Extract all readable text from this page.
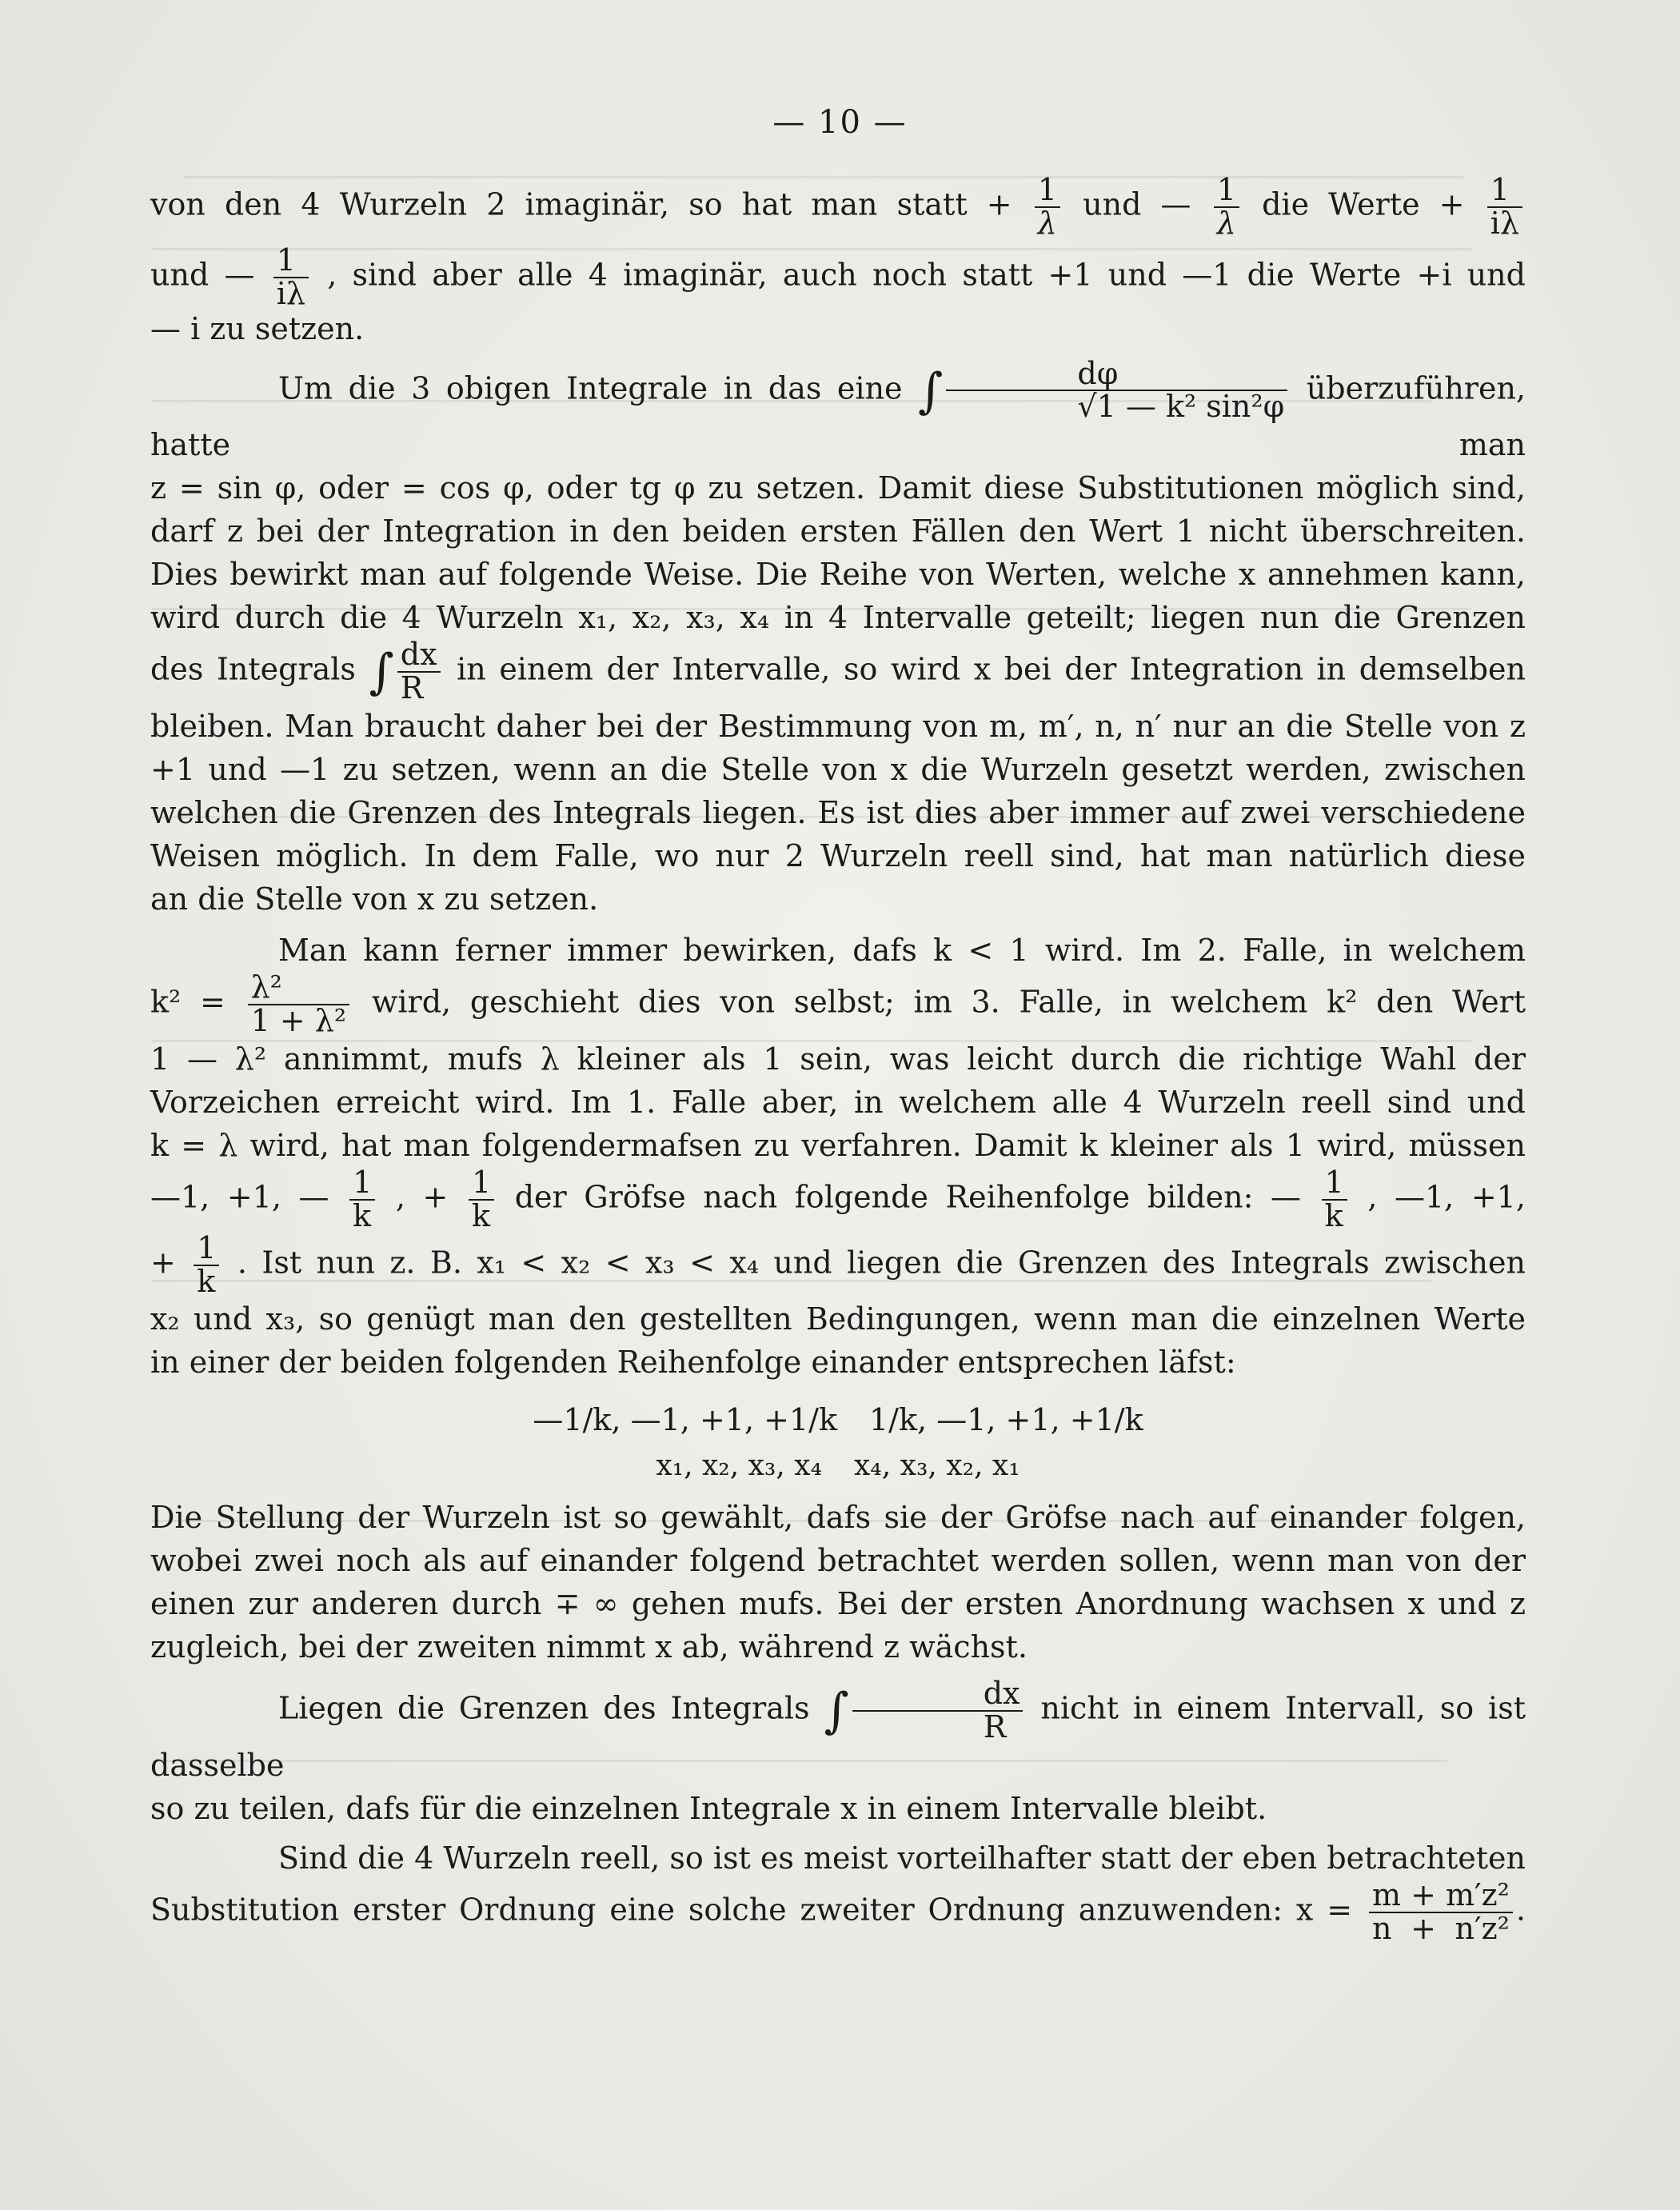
— 10 —

von den 4 Wurzeln 2 imaginär, so hat man statt + $\frac{1}{\lambda}$ und — $\frac{1}{\lambda}$ die Werte + $\frac{1}{i\lambda}$

und — $\frac{1}{i\lambda}$ , sind aber alle 4 imaginär, auch noch statt +1 und —1 die Werte +i und

— i zu setzen.

Um die 3 obigen Integrale in das eine ∫ $\frac{d\varphi}{\text{√1 — k² sin²φ}}$ überzuführen, hatte man

z = sin φ, oder = cos φ, oder tg φ zu setzen. Damit diese Substitutionen möglich sind,

darf z bei der Integration in den beiden ersten Fällen den Wert 1 nicht überschreiten.

Dies bewirkt man auf folgende Weise. Die Reihe von Werten, welche x annehmen kann,

wird durch die 4 Wurzeln x₁, x₂, x₃, x₄ in 4 Intervalle geteilt; liegen nun die Grenzen

des Integrals ∫ $\frac{dx}{R}$ in einem der Intervalle, so wird x bei der Integration in demselben

bleiben. Man braucht daher bei der Bestimmung von m, m′, n, n′ nur an die Stelle von z

+1 und —1 zu setzen, wenn an die Stelle von x die Wurzeln gesetzt werden, zwischen

welchen die Grenzen des Integrals liegen. Es ist dies aber immer auf zwei verschiedene

Weisen möglich. In dem Falle, wo nur 2 Wurzeln reell sind, hat man natürlich diese

an die Stelle von x zu setzen.

Man kann ferner immer bewirken, dafs k < 1 wird. Im 2. Falle, in welchem

$k^2 = \frac{\text{λ²}}{\text{1 + λ²}}$ wird, geschieht dies von selbst; im 3. Falle, in welchem k² den Wert

1 — λ² annimmt, mufs λ kleiner als 1 sein, was leicht durch die richtige Wahl der

Vorzeichen erreicht wird. Im 1. Falle aber, in welchem alle 4 Wurzeln reell sind und

k = λ wird, hat man folgendermafsen zu verfahren. Damit k kleiner als 1 wird, müssen

—1, +1, — $\frac{1}{k}$ , + $\frac{1}{k}$ der Gröfse nach folgende Reihenfolge bilden: — $\frac{1}{k}$ , —1, +1,

+ $\frac{1}{k}$ . Ist nun z. B. x₁ < x₂ < x₃ < x₄ und liegen die Grenzen des Integrals zwischen

x₂ und x₃, so genügt man den gestellten Bedingungen, wenn man die einzelnen Werte

in einer der beiden folgenden Reihenfolge einander entsprechen läfst:

—1/k, —1, +1, +1/k 1/k, —1, +1, +1/k
x₁, x₂, x₃, x₄ x₄, x₃, x₂, x₁

Die Stellung der Wurzeln ist so gewählt, dafs sie der Gröfse nach auf einander folgen,

wobei zwei noch als auf einander folgend betrachtet werden sollen, wenn man von der

einen zur anderen durch ∓ ∞ gehen mufs. Bei der ersten Anordnung wachsen x und z

zugleich, bei der zweiten nimmt x ab, während z wächst.

Liegen die Grenzen des Integrals ∫ $\frac{dx}{R}$ nicht in einem Intervall, so ist dasselbe

so zu teilen, dafs für die einzelnen Integrale x in einem Intervalle bleibt.

Sind die 4 Wurzeln reell, so ist es meist vorteilhafter statt der eben betrachteten

Substitution erster Ordnung eine solche zweiter Ordnung anzuwenden: $x = \frac{\text{m + m′z²}}{\text{n + n′z²}}$ .
